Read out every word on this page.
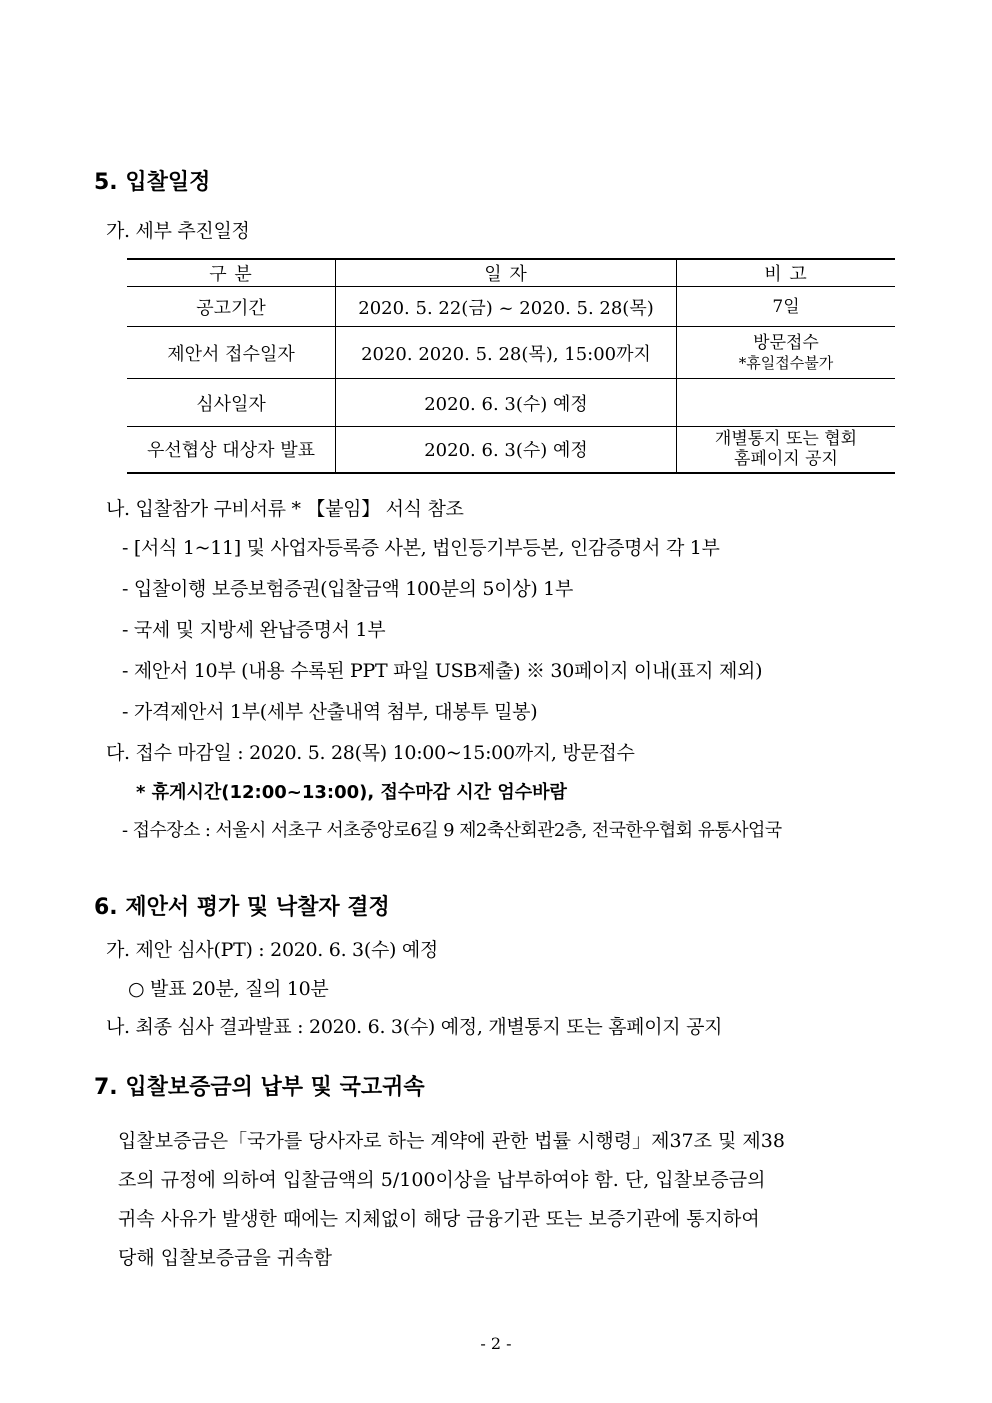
5. 입찰일정
가. 세부 추진일정
구 분	일 자	비 고
공고기간	2020. 5. 22(금) ~ 2020. 5. 28(목)	7일
제안서 접수일자	2020. 2020. 5. 28(목), 15:00까지	방문접수
*휴일접수불가

심사일자	2020. 6. 3(수) 예정	
우선협상 대상자 발표	2020. 6. 3(수) 예정	개별통지 또는 협회
홈페이지 공지
나. 입찰참가 구비서류 * 【붙임】 서식 참조
- [서식 1~11] 및 사업자등록증 사본, 법인등기부등본, 인감증명서 각 1부
- 입찰이행 보증보험증권(입찰금액 100분의 5이상) 1부
- 국세 및 지방세 완납증명서 1부
- 제안서 10부 (내용 수록된 PPT 파일 USB제출) ※ 30페이지 이내(표지 제외)
- 가격제안서 1부(세부 산출내역 첨부, 대봉투 밀봉)
다. 접수 마감일 : 2020. 5. 28(목) 10:00~15:00까지, 방문접수
* 휴게시간(12:00~13:00), 접수마감 시간 엄수바람
- 접수장소 : 서울시 서초구 서초중앙로6길 9 제2축산회관2층, 전국한우협회 유통사업국
6. 제안서 평가 및 낙찰자 결정
가. 제안 심사(PT) : 2020. 6. 3(수) 예정
○ 발표 20분, 질의 10분
나. 최종 심사 결과발표 : 2020. 6. 3(수) 예정, 개별통지 또는 홈페이지 공지
7. 입찰보증금의 납부 및 국고귀속
입찰보증금은「국가를 당사자로 하는 계약에 관한 법률 시행령」제37조 및 제38
조의 규정에 의하여 입찰금액의 5/100이상을 납부하여야 함. 단, 입찰보증금의
귀속 사유가 발생한 때에는 지체없이 해당 금융기관 또는 보증기관에 통지하여
당해 입찰보증금을 귀속함
- 2 -
